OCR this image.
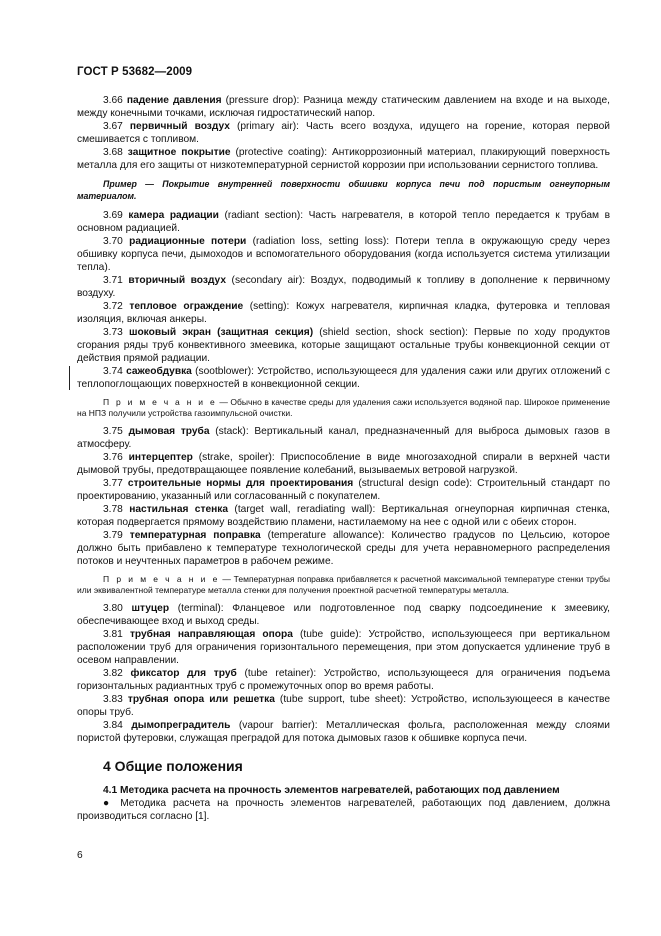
ГОСТ Р 53682—2009

3.66 падение давления (pressure drop): Разница между статическим давлением на входе и на выходе, между конечными точками, исключая гидростатический напор.

3.67 первичный воздух (primary air): Часть всего воздуха, идущего на горение, которая первой смешивается с топливом.

3.68 защитное покрытие (protective coating): Антикоррозионный материал, плакирующий поверхность металла для его защиты от низкотемпературной сернистой коррозии при использовании сернистого топлива.

Пример — Покрытие внутренней поверхности обшивки корпуса печи под пористым огнеупорным материалом.

3.69 камера радиации (radiant section): Часть нагревателя, в которой тепло передается к трубам в основном радиацией.

3.70 радиационные потери (radiation loss, setting loss): Потери тепла в окружающую среду через обшивку корпуса печи, дымоходов и вспомогательного оборудования (когда используется система утилизации тепла).

3.71 вторичный воздух (secondary air): Воздух, подводимый к топливу в дополнение к первичному воздуху.

3.72 тепловое ограждение (setting): Кожух нагревателя, кирпичная кладка, футеровка и тепловая изоляция, включая анкеры.

3.73 шоковый экран (защитная секция) (shield section, shock section): Первые по ходу продуктов сгорания ряды труб конвективного змеевика, которые защищают остальные трубы конвекционной секции от действия прямой радиации.

3.74 сажеобдувка (sootblower): Устройство, использующееся для удаления сажи или других отложений с теплопоглощающих поверхностей в конвекционной секции.

П р и м е ч а н и е — Обычно в качестве среды для удаления сажи используется водяной пар. Широкое применение на НПЗ получили устройства газоимпульсной очистки.

3.75 дымовая труба (stack): Вертикальный канал, предназначенный для выброса дымовых газов в атмосферу.

3.76 интерцептер (strake, spoiler): Приспособление в виде многозаходной спирали в верхней части дымовой трубы, предотвращающее появление колебаний, вызываемых ветровой нагрузкой.

3.77 строительные нормы для проектирования (structural design code): Строительный стандарт по проектированию, указанный или согласованный с покупателем.

3.78 настильная стенка (target wall, reradiating wall): Вертикальная огнеупорная кирпичная стенка, которая подвергается прямому воздействию пламени, настилаемому на нее с одной или с обеих сторон.

3.79 температурная поправка (temperature allowance): Количество градусов по Цельсию, которое должно быть прибавлено к температуре технологической среды для учета неравномерного распределения потоков и неучтенных параметров в рабочем режиме.

П р и м е ч а н и е — Температурная поправка прибавляется к расчетной максимальной температуре стенки трубы или эквивалентной температуре металла стенки для получения проектной расчетной температуры металла.

3.80 штуцер (terminal): Фланцевое или подготовленное под сварку подсоединение к змеевику, обеспечивающее вход и выход среды.

3.81 трубная направляющая опора (tube guide): Устройство, использующееся при вертикальном расположении труб для ограничения горизонтального перемещения, при этом допускается удлинение труб в осевом направлении.

3.82 фиксатор для труб (tube retainer): Устройство, использующееся для ограничения подъема горизонтальных радиантных труб с промежуточных опор во время работы.

3.83 трубная опора или решетка (tube support, tube sheet): Устройство, использующееся в качестве опоры труб.

3.84 дымопреградитель (vapour barrier): Металлическая фольга, расположенная между слоями пористой футеровки, служащая преградой для потока дымовых газов к обшивке корпуса печи.

4 Общие положения

4.1 Методика расчета на прочность элементов нагревателей, работающих под давлением

● Методика расчета на прочность элементов нагревателей, работающих под давлением, должна производиться согласно [1].

6
